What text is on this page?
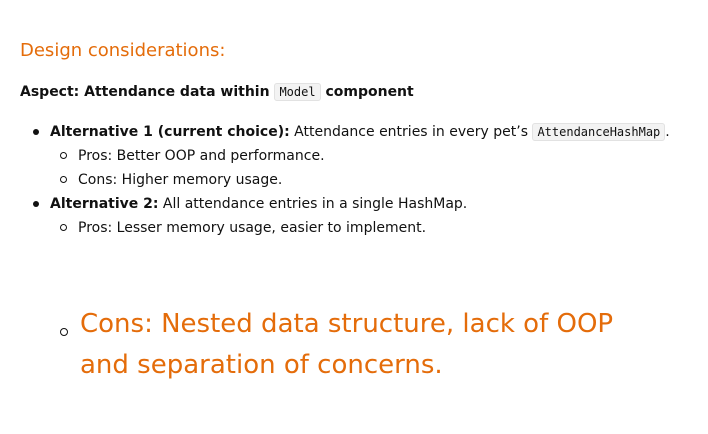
Design considerations:

Aspect: Attendance data within Model component

Alternative 1 (current choice): Attendance entries in every pet’s AttendanceHashMap .
Pros: Better OOP and performance.
Cons: Higher memory usage.
Alternative 2: All attendance entries in a single HashMap.
Pros: Lesser memory usage, easier to implement.
Cons: Nested data structure, lack of OOP and separation of concerns.
